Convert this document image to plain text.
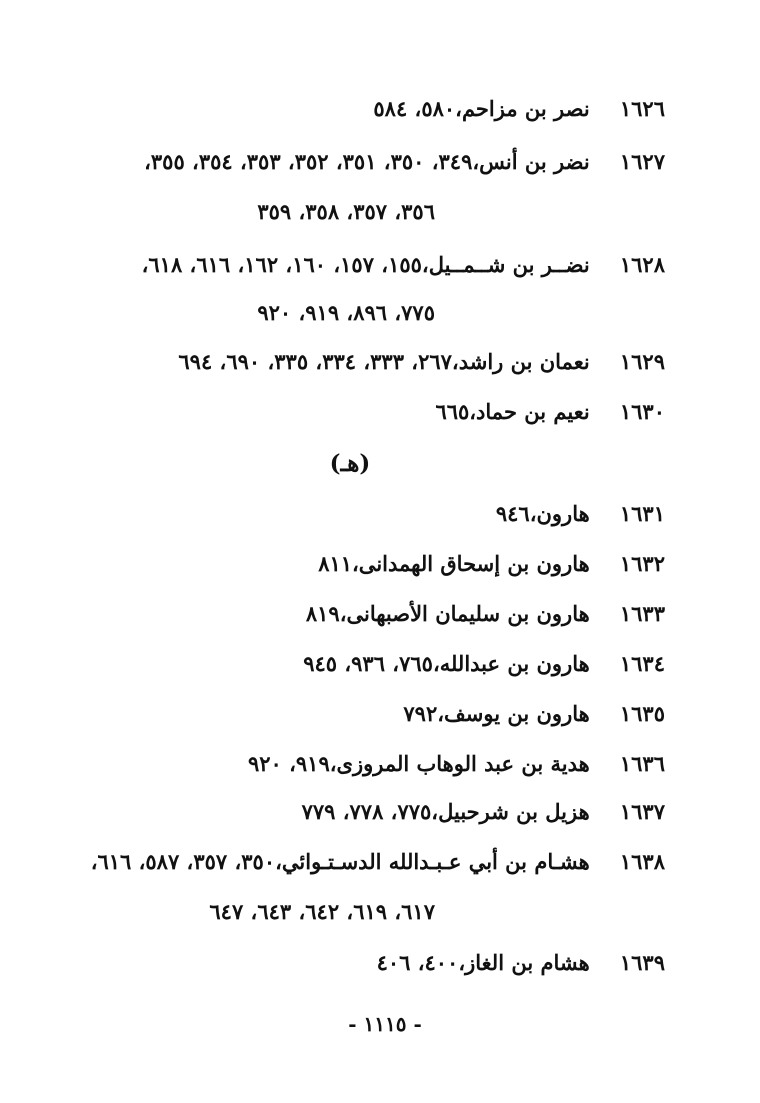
١٦٢٦ نصر بن مزاحم،٥٨٠، ٥٨٤
١٦٢٧ نضر بن أنس،٣٤٩، ٣٥٠، ٣٥١، ٣٥٢، ٣٥٣، ٣٥٤، ٣٥٥،
٣٥٦، ٣٥٧، ٣٥٨، ٣٥٩
١٦٢٨ نضــر بن شــمــيل،١٥٥، ١٥٧، ١٦٠، ١٦٢، ٦١٦، ٦١٨،
٧٧٥، ٨٩٦، ٩١٩، ٩٢٠
١٦٢٩ نعمان بن راشد،٢٦٧، ٣٣٣، ٣٣٤، ٣٣٥، ٦٩٠، ٦٩٤
١٦٣٠ نعيم بن حماد،٦٦٥
(هـ)
١٦٣١ هارون،٩٤٦
١٦٣٢ هارون بن إسحاق الهمدانى،٨١١
١٦٣٣ هارون بن سليمان الأصبهانى،٨١٩
١٦٣٤ هارون بن عبدالله،٧٦٥، ٩٣٦، ٩٤٥
١٦٣٥ هارون بن يوسف،٧٩٢
١٦٣٦ هدية بن عبد الوهاب المروزى،٩١٩، ٩٢٠
١٦٣٧ هزيل بن شرحبيل،٧٧٥، ٧٧٨، ٧٧٩
١٦٣٨ هشـام بن أبي عـبـدالله الدسـتـوائي،٣٥٠، ٣٥٧، ٥٨٧، ٦١٦،
٦١٧، ٦١٩، ٦٤٢، ٦٤٣، ٦٤٧
١٦٣٩ هشام بن الغاز،٤٠٠، ٤٠٦
- ١١١٥ -
